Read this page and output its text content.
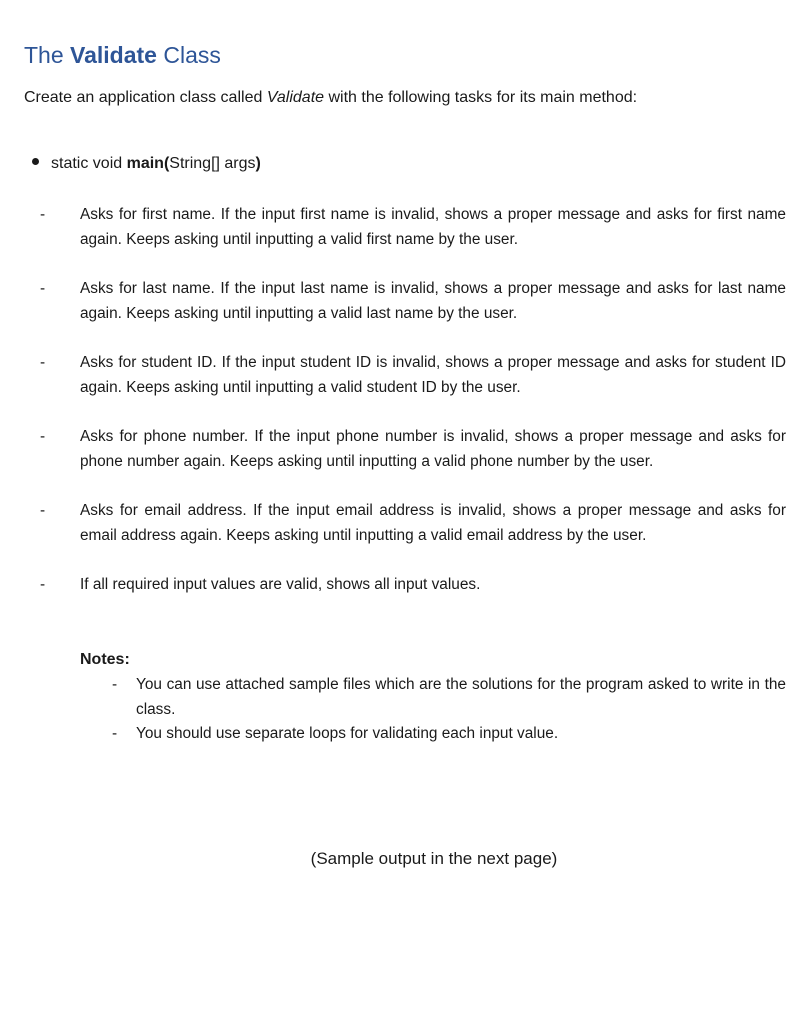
The Validate Class
Create an application class called Validate with the following tasks for its main method:
static void main(String[] args)
- Asks for first name. If the input first name is invalid, shows a proper message and asks for first name again. Keeps asking until inputting a valid first name by the user.
- Asks for last name. If the input last name is invalid, shows a proper message and asks for last name again. Keeps asking until inputting a valid last name by the user.
- Asks for student ID. If the input student ID is invalid, shows a proper message and asks for student ID again. Keeps asking until inputting a valid student ID by the user.
- Asks for phone number. If the input phone number is invalid, shows a proper message and asks for phone number again. Keeps asking until inputting a valid phone number by the user.
- Asks for email address. If the input email address is invalid, shows a proper message and asks for email address again. Keeps asking until inputting a valid email address by the user.
- If all required input values are valid, shows all input values.
Notes:
- You can use attached sample files which are the solutions for the program asked to write in the class.
- You should use separate loops for validating each input value.
(Sample output in the next page)
